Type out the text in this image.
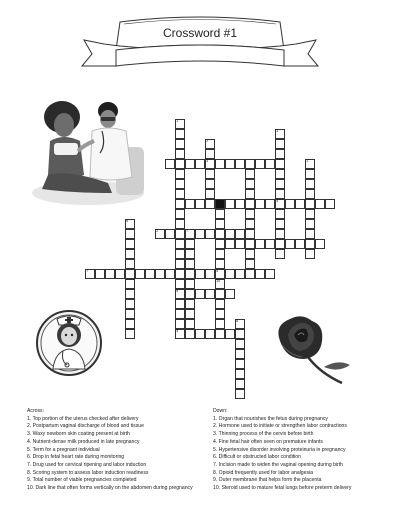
Crossword #1
1
2
3
3	1
5	4
6
2	7
9
7	5
10
4
8
Across:
1. Top portion of the uterus checked after delivery
2. Postpartum vaginal discharge of blood and tissue
3. Waxy newborn skin coating present at birth
4. Nutrient-dense milk produced in late pregnancy
5. Term for a pregnant individual
6. Drop in fetal heart rate during monitoring
7. Drug used for cervical ripening and labor induction
8. Scoring system to assess labor induction readiness
9. Total number of viable pregnancies completed
10. Dark line that often forms vertically on the abdomen during pregnancy
Down:
1. Organ that nourishes the fetus during pregnancy
2. Hormone used to initiate or strengthen labor contractions
3. Thinning process of the cervix before birth
4. Fine fetal hair often seen on premature infants
5. Hypertensive disorder involving proteinuria in pregnancy
6. Difficult or obstructed labor condition
7. Incision made to widen the vaginal opening during birth
8. Opioid frequently used for labor analgesia
9. Outer membrane that helps form the placenta
10. Steroid used to mature fetal lungs before preterm delivery
